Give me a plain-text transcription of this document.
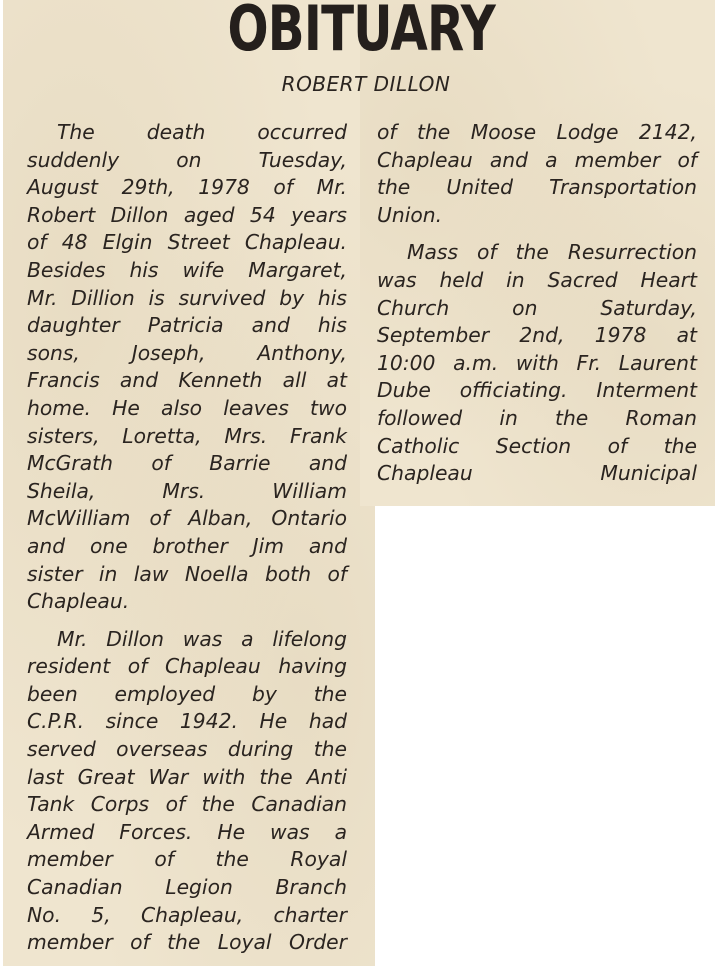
OBITUARY
ROBERT DILLON

The death occurred
suddenly on Tuesday,
August 29th, 1978 of Mr.
Robert Dillon aged 54 years
of 48 Elgin Street Chapleau.
Besides his wife Margaret,
Mr. Dillion is survived by his
daughter Patricia and his
sons, Joseph, Anthony,
Francis and Kenneth all at
home. He also leaves two
sisters, Loretta, Mrs. Frank
McGrath of Barrie and
Sheila, Mrs. William
McWilliam of Alban, Ontario
and one brother Jim and
sister in law Noella both of
Chapleau.

Mr. Dillon was a lifelong
resident of Chapleau having
been employed by the
C.P.R. since 1942. He had
served overseas during the
last Great War with the Anti
Tank Corps of the Canadian
Armed Forces. He was a
member of the Royal
Canadian Legion Branch
No. 5, Chapleau, charter
member of the Loyal Order

of the Moose Lodge 2142,
Chapleau and a member of
the United Transportation
Union.

Mass of the Resurrection
was held in Sacred Heart
Church on Saturday,
September 2nd, 1978 at
10:00 a.m. with Fr. Laurent
Dube officiating. Interment
followed in the Roman
Catholic Section of the
Chapleau Municipal
